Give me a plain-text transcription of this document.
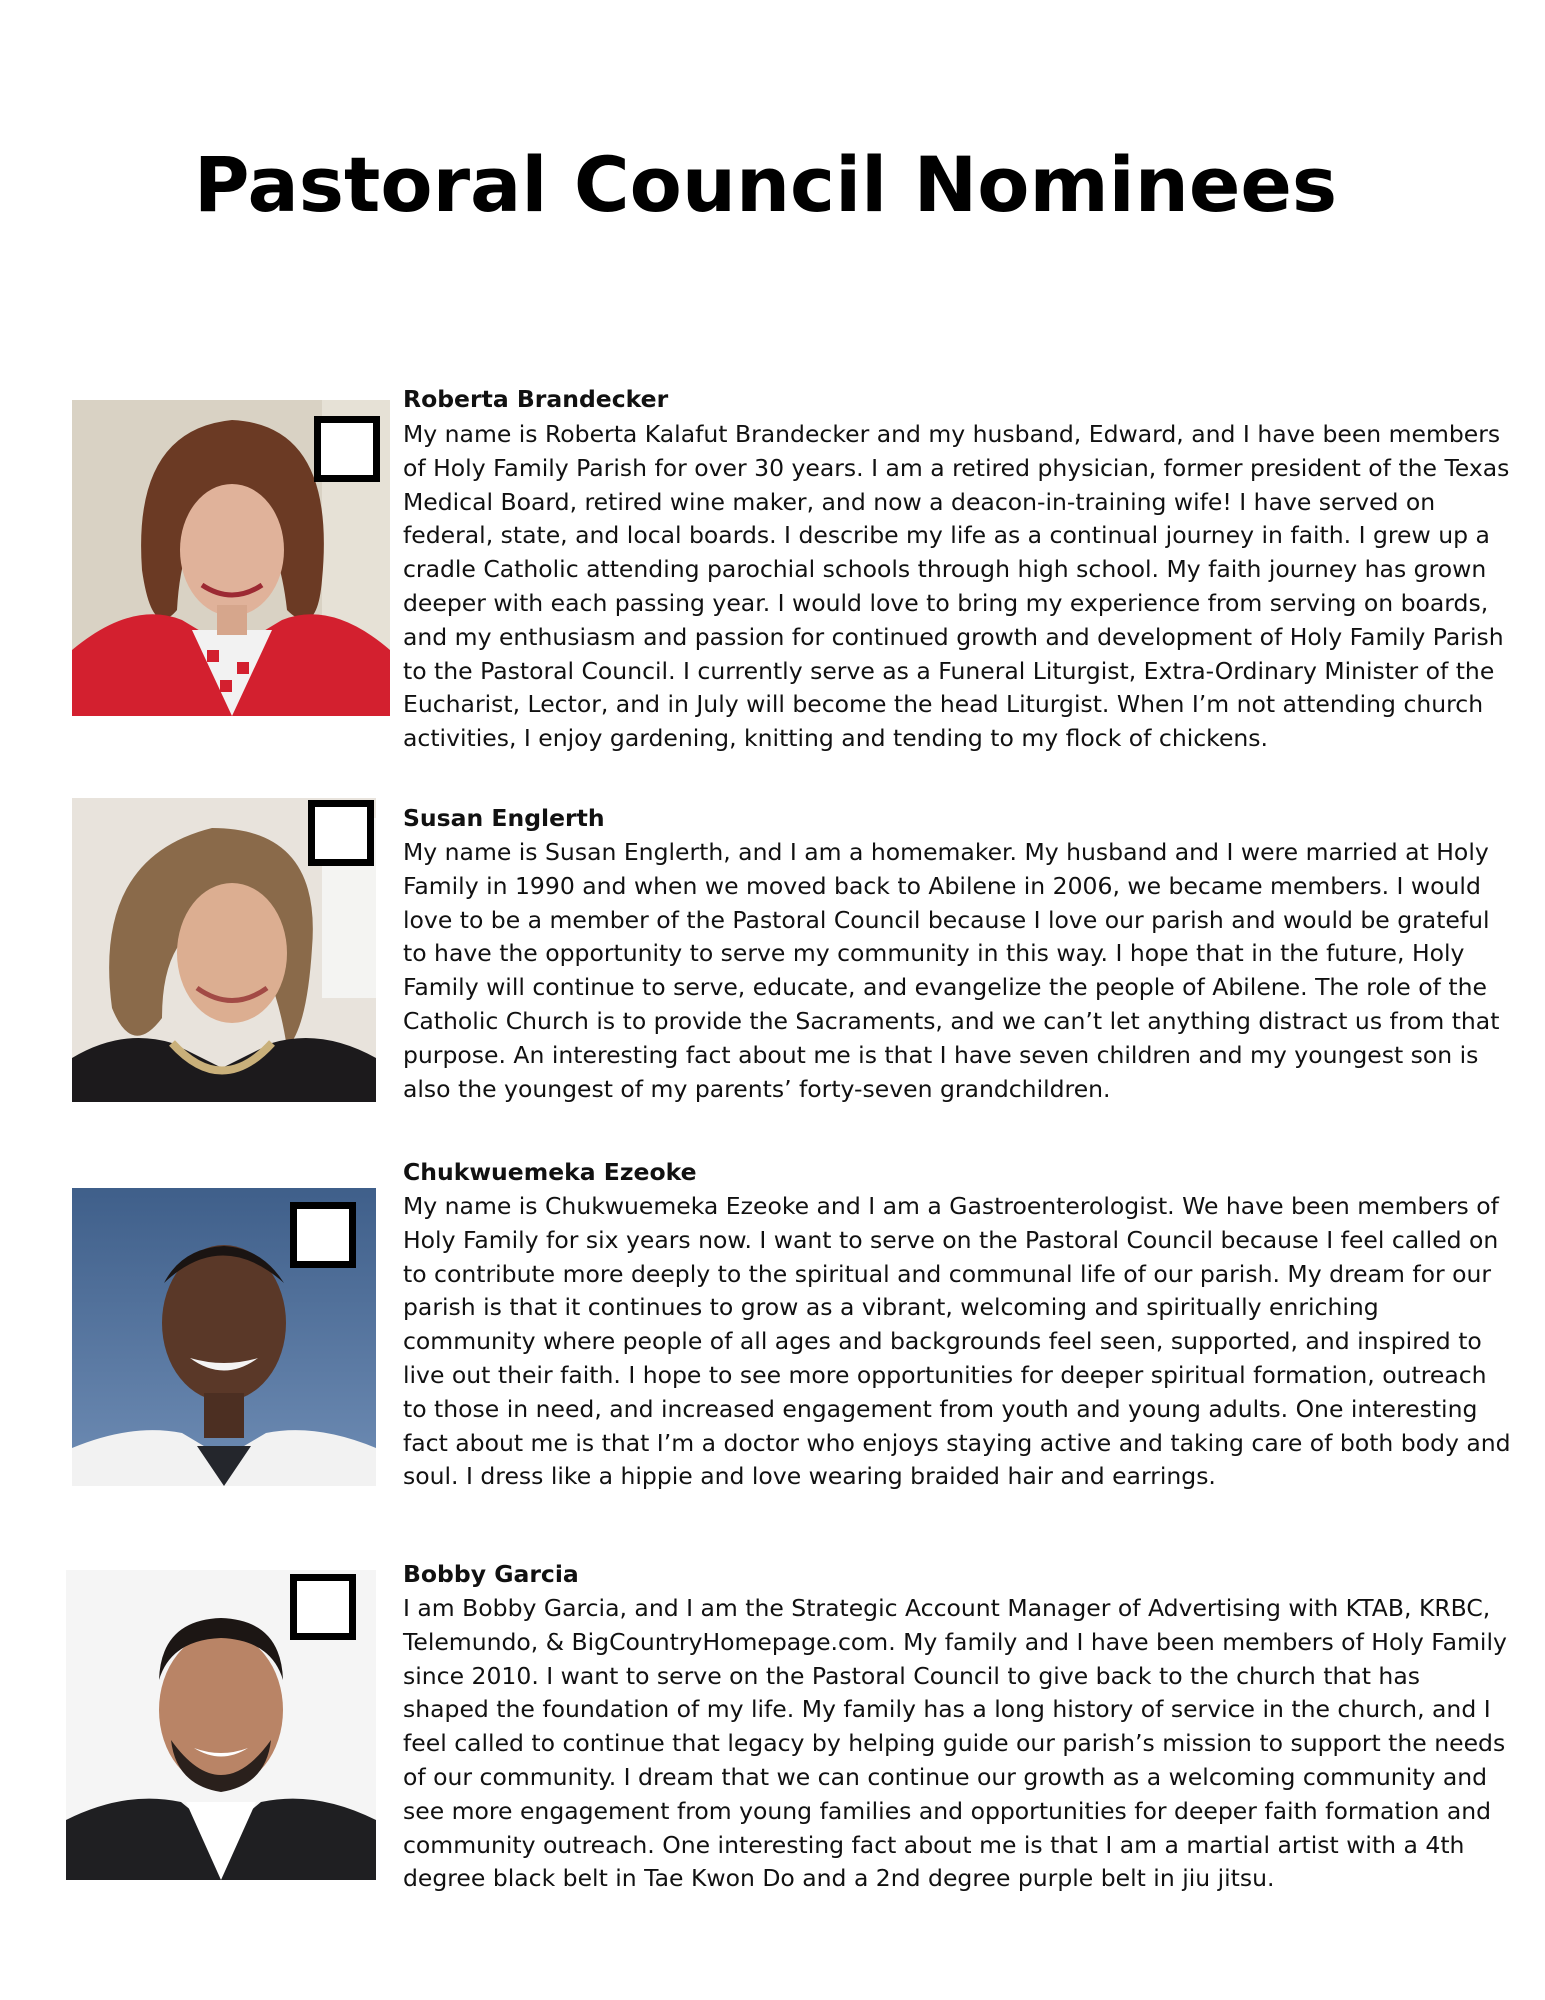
Pastoral Council Nominees
Roberta Brandecker

My name is Roberta Kalafut Brandecker and my husband, Edward, and I have been members of Holy Family Parish for over 30 years. I am a retired physician, former president of the Texas Medical Board, retired wine maker, and now a deacon-in-training wife! I have served on federal, state, and local boards. I describe my life as a continual journey in faith. I grew up a cradle Catholic attending parochial schools through high school. My faith journey has grown deeper with each passing year. I would love to bring my experience from serving on boards, and my enthusiasm and passion for continued growth and development of Holy Family Parish to the Pastoral Council. I currently serve as a Funeral Liturgist, Extra-Ordinary Minister of the Eucharist, Lector, and in July will become the head Liturgist. When I’m not attending church activities, I enjoy gardening, knitting and tending to my flock of chickens.

Susan Englerth

My name is Susan Englerth, and I am a homemaker. My husband and I were married at Holy Family in 1990 and when we moved back to Abilene in 2006, we became members. I would love to be a member of the Pastoral Council because I love our parish and would be grateful to have the opportunity to serve my community in this way. I hope that in the future, Holy Family will continue to serve, educate, and evangelize the people of Abilene. The role of the Catholic Church is to provide the Sacraments, and we can’t let anything distract us from that purpose. An interesting fact about me is that I have seven children and my youngest son is also the youngest of my parents’ forty-seven grandchildren.

Chukwuemeka Ezeoke

My name is Chukwuemeka Ezeoke and I am a Gastroenterologist. We have been members of Holy Family for six years now. I want to serve on the Pastoral Council because I feel called on to contribute more deeply to the spiritual and communal life of our parish. My dream for our parish is that it continues to grow as a vibrant, welcoming and spiritually enriching community where people of all ages and backgrounds feel seen, supported, and inspired to live out their faith. I hope to see more opportunities for deeper spiritual formation, outreach to those in need, and increased engagement from youth and young adults. One interesting fact about me is that I’m a doctor who enjoys staying active and taking care of both body and soul. I dress like a hippie and love wearing braided hair and earrings.

Bobby Garcia

I am Bobby Garcia, and I am the Strategic Account Manager of Advertising with KTAB, KRBC, Telemundo, & BigCountryHomepage.com. My family and I have been members of Holy Family since 2010. I want to serve on the Pastoral Council to give back to the church that has shaped the foundation of my life. My family has a long history of service in the church, and I feel called to continue that legacy by helping guide our parish’s mission to support the needs of our community. I dream that we can continue our growth as a welcoming community and see more engagement from young families and opportunities for deeper faith formation and community outreach. One interesting fact about me is that I am a martial artist with a 4th degree black belt in Tae Kwon Do and a 2nd degree purple belt in jiu jitsu.
